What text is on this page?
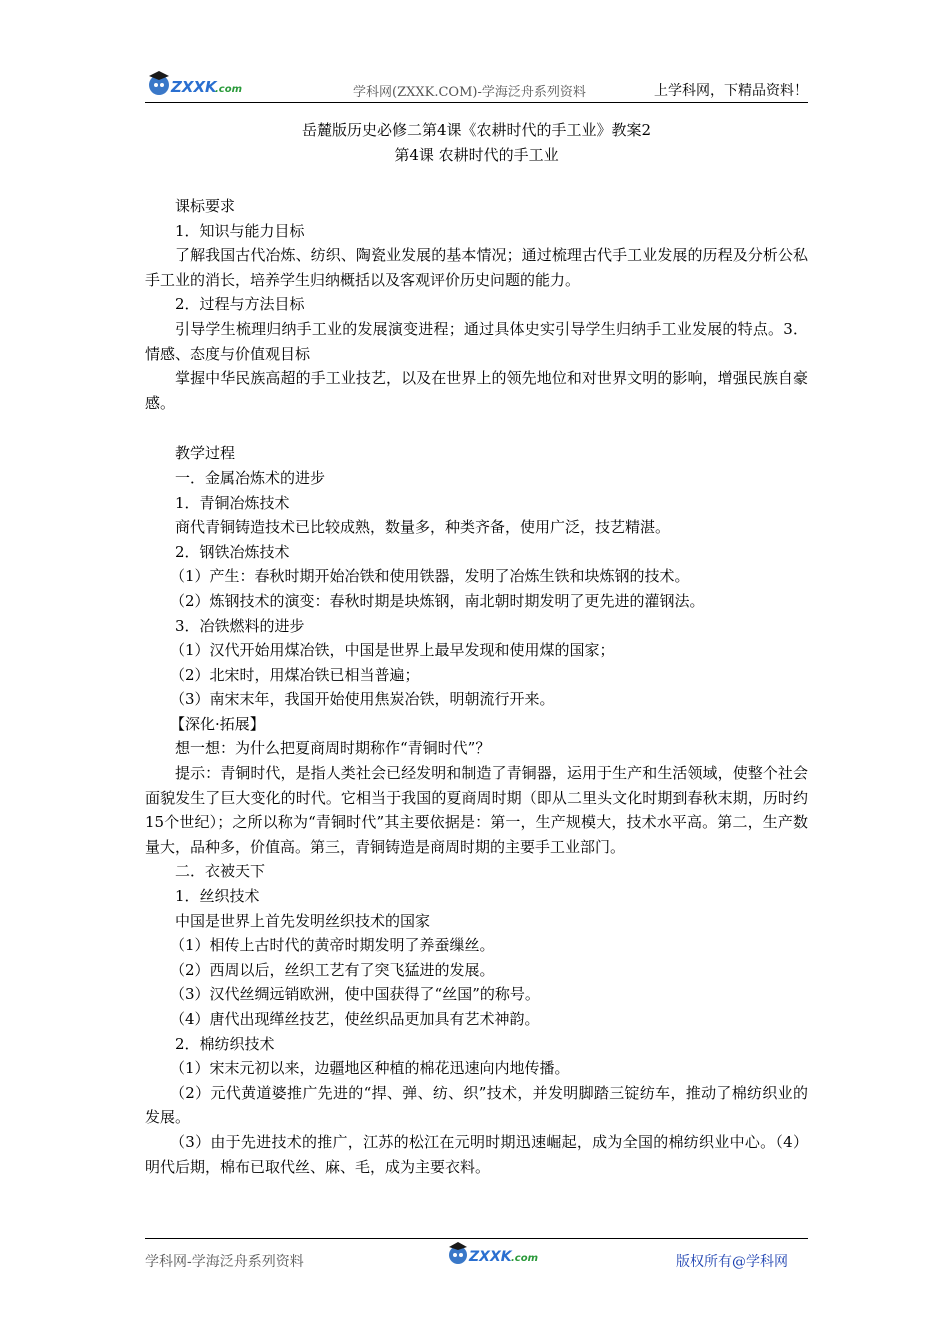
ZXXK
.com	学科网(ZXXK.COM)-学海泛舟系列资料	上学科网，下精品资料！
岳麓版历史必修二第4课《农耕时代的手工业》教案2
第4课 农耕时代的手工业
课标要求
1．知识与能力目标
了解我国古代冶炼、纺织、陶瓷业发展的基本情况；通过梳理古代手工业发展的历程及分析公私手工业的消长，培养学生归纳概括以及客观评价历史问题的能力。
2．过程与方法目标
引导学生梳理归纳手工业的发展演变进程；通过具体史实引导学生归纳手工业发展的特点。3．情感、态度与价值观目标
掌握中华民族高超的手工业技艺，以及在世界上的领先地位和对世界文明的影响，增强民族自豪感。
教学过程
一．金属冶炼术的进步
1．青铜冶炼技术
商代青铜铸造技术已比较成熟，数量多，种类齐备，使用广泛，技艺精湛。
2．钢铁冶炼技术
（1）产生：春秋时期开始冶铁和使用铁器，发明了冶炼生铁和块炼钢的技术。
（2）炼钢技术的演变：春秋时期是块炼钢，南北朝时期发明了更先进的灌钢法。
3．冶铁燃料的进步
（1）汉代开始用煤冶铁，中国是世界上最早发现和使用煤的国家；
（2）北宋时，用煤冶铁已相当普遍；
（3）南宋末年，我国开始使用焦炭冶铁，明朝流行开来。
【深化·拓展】
想一想：为什么把夏商周时期称作“青铜时代”？
提示：青铜时代，是指人类社会已经发明和制造了青铜器，运用于生产和生活领域，使整个社会面貌发生了巨大变化的时代。它相当于我国的夏商周时期（即从二里头文化时期到春秋末期，历时约15个世纪）；之所以称为“青铜时代”其主要依据是：第一，生产规模大，技术水平高。第二，生产数量大，品种多，价值高。第三，青铜铸造是商周时期的主要手工业部门。
二．衣被天下
1．丝织技术
中国是世界上首先发明丝织技术的国家
（1）相传上古时代的黄帝时期发明了养蚕缫丝。
（2）西周以后，丝织工艺有了突飞猛进的发展。
（3）汉代丝绸远销欧洲，使中国获得了“丝国”的称号。
（4）唐代出现缂丝技艺，使丝织品更加具有艺术神韵。
2．棉纺织技术
（1）宋末元初以来，边疆地区种植的棉花迅速向内地传播。
（2）元代黄道婆推广先进的“捍、弹、纺、织”技术，并发明脚踏三锭纺车，推动了棉纺织业的发展。
（3）由于先进技术的推广，江苏的松江在元明时期迅速崛起，成为全国的棉纺织业中心。（4）明代后期，棉布已取代丝、麻、毛，成为主要衣料。
学科网-学海泛舟系列资料	ZXXK .com	版权所有@学科网
